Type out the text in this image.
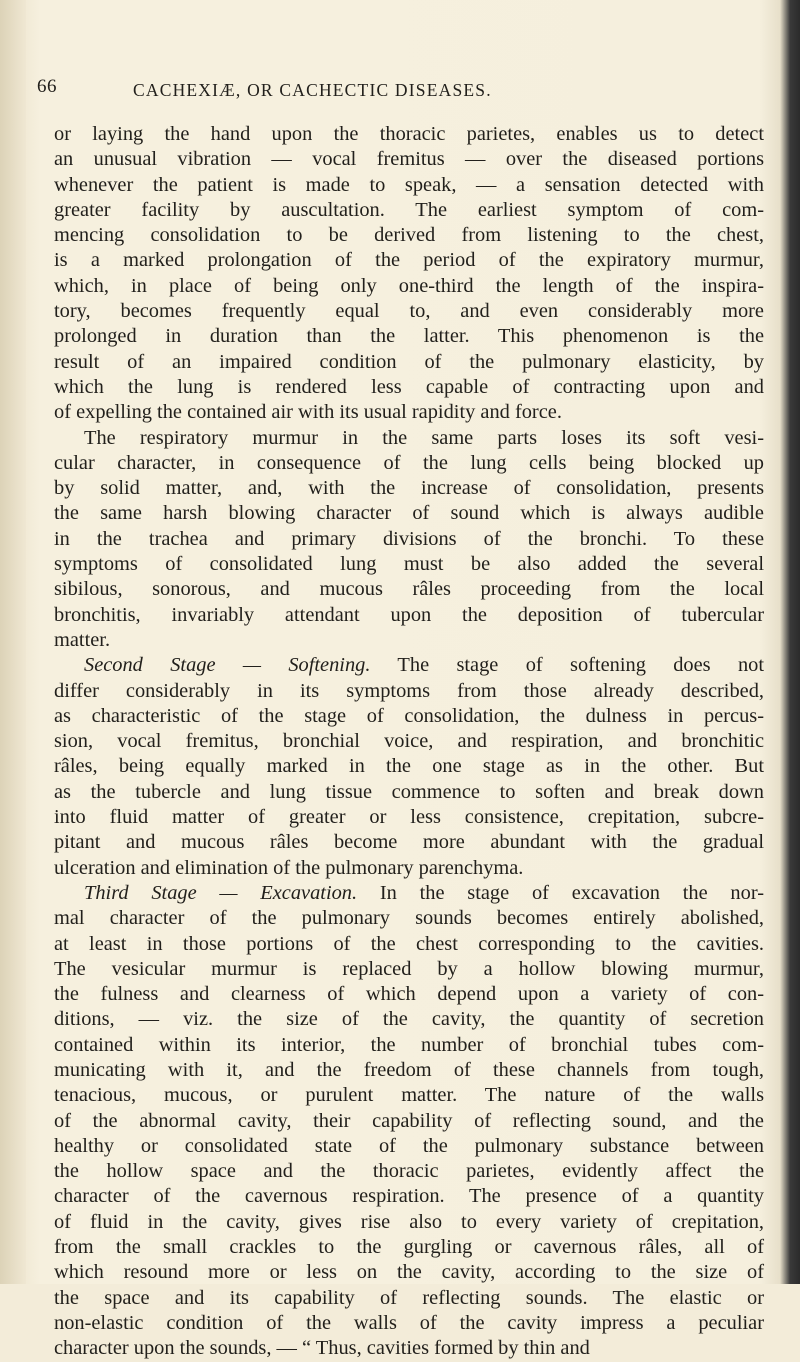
66	CACHEXIÆ, OR CACHECTIC DISEASES.
or laying the hand upon the thoracic parietes, enables us to detect
an unusual vibration — vocal fremitus — over the diseased portions
whenever the patient is made to speak, — a sensation detected with
greater facility by auscultation. The earliest symptom of com-
mencing consolidation to be derived from listening to the chest,
is a marked prolongation of the period of the expiratory murmur,
which, in place of being only one-third the length of the inspira-
tory, becomes frequently equal to, and even considerably more
prolonged in duration than the latter. This phenomenon is the
result of an impaired condition of the pulmonary elasticity, by
which the lung is rendered less capable of contracting upon and
of expelling the contained air with its usual rapidity and force.
The respiratory murmur in the same parts loses its soft vesi-
cular character, in consequence of the lung cells being blocked up
by solid matter, and, with the increase of consolidation, presents
the same harsh blowing character of sound which is always audible
in the trachea and primary divisions of the bronchi. To these
symptoms of consolidated lung must be also added the several
sibilous, sonorous, and mucous râles proceeding from the local
bronchitis, invariably attendant upon the deposition of tubercular
matter.
Second Stage — Softening. The stage of softening does not
differ considerably in its symptoms from those already described,
as characteristic of the stage of consolidation, the dulness in percus-
sion, vocal fremitus, bronchial voice, and respiration, and bronchitic
râles, being equally marked in the one stage as in the other. But
as the tubercle and lung tissue commence to soften and break down
into fluid matter of greater or less consistence, crepitation, subcre-
pitant and mucous râles become more abundant with the gradual
ulceration and elimination of the pulmonary parenchyma.
Third Stage — Excavation. In the stage of excavation the nor-
mal character of the pulmonary sounds becomes entirely abolished,
at least in those portions of the chest corresponding to the cavities.
The vesicular murmur is replaced by a hollow blowing murmur,
the fulness and clearness of which depend upon a variety of con-
ditions, — viz. the size of the cavity, the quantity of secretion
contained within its interior, the number of bronchial tubes com-
municating with it, and the freedom of these channels from tough,
tenacious, mucous, or purulent matter. The nature of the walls
of the abnormal cavity, their capability of reflecting sound, and the
healthy or consolidated state of the pulmonary substance between
the hollow space and the thoracic parietes, evidently affect the
character of the cavernous respiration. The presence of a quantity
of fluid in the cavity, gives rise also to every variety of crepitation,
from the small crackles to the gurgling or cavernous râles, all of
which resound more or less on the cavity, according to the size of
the space and its capability of reflecting sounds. The elastic or
non-elastic condition of the walls of the cavity impress a peculiar
character upon the sounds, — “ Thus, cavities formed by thin and
